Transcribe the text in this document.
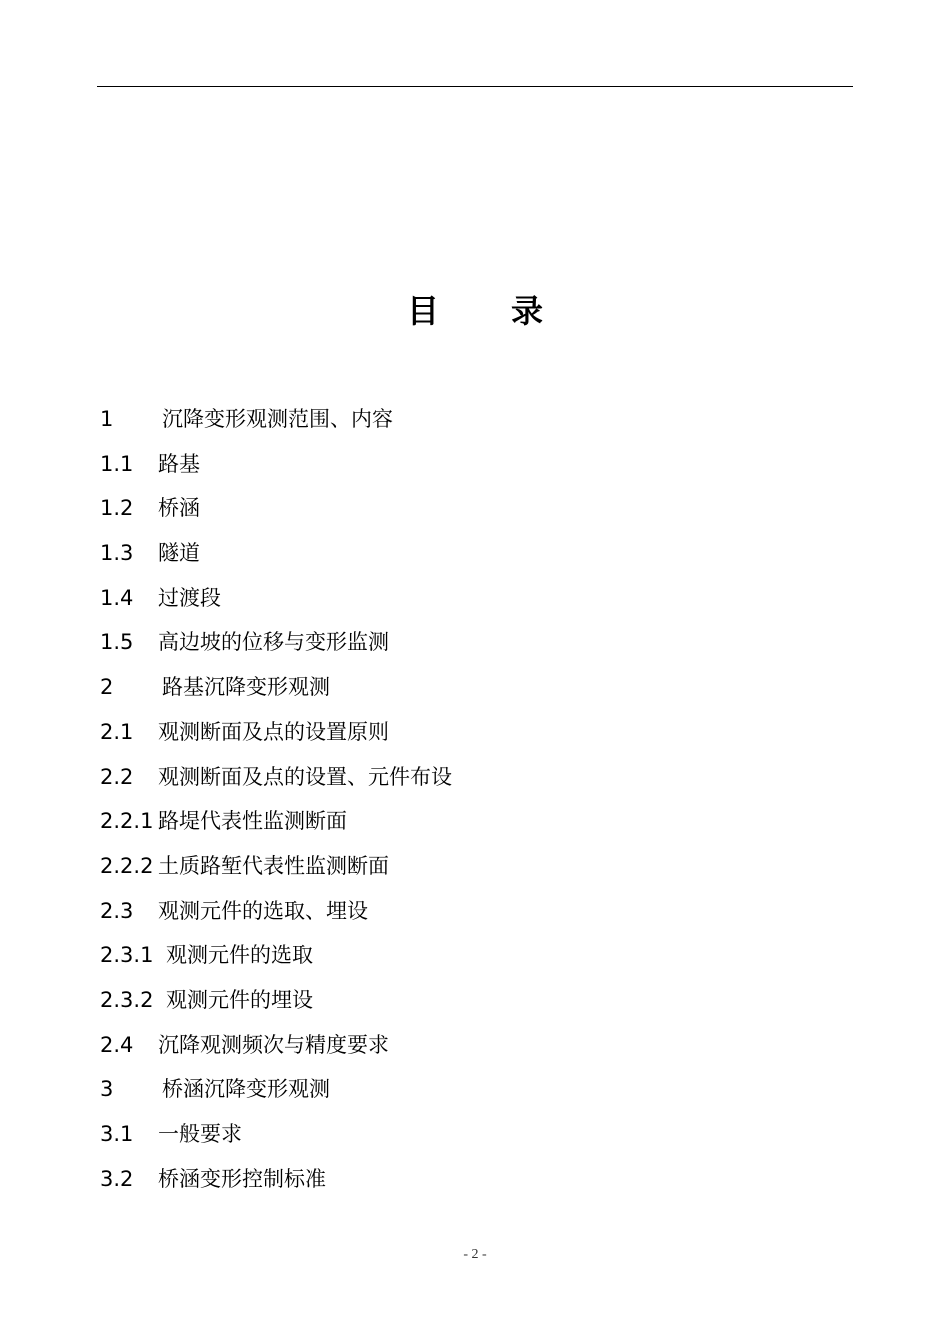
目 录
1 沉降变形观测范围、内容
1.1 路基
1.2 桥涵
1.3 隧道
1.4 过渡段
1.5 高边坡的位移与变形监测
2 路基沉降变形观测
2.1 观测断面及点的设置原则
2.2 观测断面及点的设置、元件布设
2.2.1 路堤代表性监测断面
2.2.2 土质路堑代表性监测断面
2.3 观测元件的选取、埋设
2.3.1 观测元件的选取
2.3.2 观测元件的埋设
2.4 沉降观测频次与精度要求
3 桥涵沉降变形观测
3.1 一般要求
3.2 桥涵变形控制标准
- 2 -
